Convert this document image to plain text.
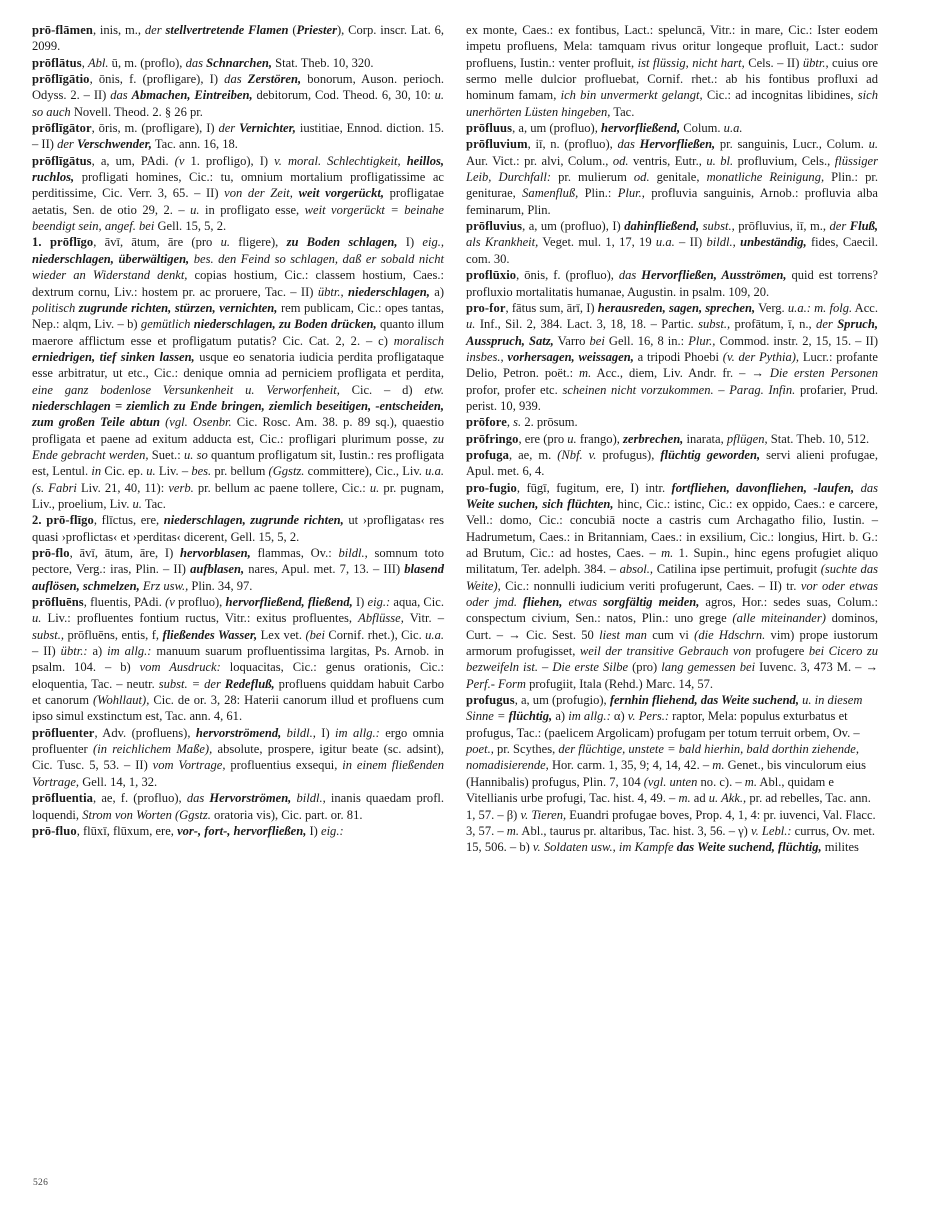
prō-flāmen, inis, m., der stellvertretende Flamen (Priester), Corp. inscr. Lat. 6, 2099.

prōflātus, Abl. ū, m. (proflo), das Schnarchen, Stat. Theb. 10, 320.

prōflīgātio, ōnis, f. (profligare), I) das Zerstören, bonorum, Auson. perioch. Odyss. 2. – II) das Abmachen, Eintreiben, debitorum, Cod. Theod. 6, 30, 10: u. so auch Novell. Theod. 2. § 26 pr.

prōflīgātor, ōris, m. (profligare), I) der Vernichter, iustitiae, Ennod. diction. 15. – II) der Verschwender, Tac. ann. 16, 18.

prōflīgātus, a, um, PAdi. (v 1. profligo), I) v. moral. Schlechtigkeit, heillos, ruchlos, profligati homines, Cic.: tu, omnium mortalium profligatissime ac perditissime, Cic. Verr. 3, 65. – II) von der Zeit, weit vorgerückt, profligatae aetatis, Sen. de otio 29, 2. – u. in profligato esse, weit vorgerückt = beinahe beendigt sein, angef. bei Gell. 15, 5, 2.

1. prōflīgo, āvī, ātum, āre (pro u. fligere), zu Boden schlagen, I) eig., niederschlagen, überwältigen, bes. den Feind so schlagen, daß er sobald nicht wieder an Widerstand denkt, copias hostium, Cic.: classem hostium, Caes.: dextrum cornu, Liv.: hostem pr. ac proruere, Tac. – II) übtr., niederschlagen, a) politisch zugrunde richten, stürzen, vernichten, rem publicam, Cic.: opes tantas, Nep.: alqm, Liv. – b) gemütlich niederschlagen, zu Boden drücken, quanto illum maerore afflictum esse et profligatum putatis? Cic. Cat. 2, 2. – c) moralisch erniedrigen, tief sinken lassen, usque eo senatoria iudicia perdita profligataque esse arbitratur, ut etc., Cic.: denique omnia ad perniciem profligata et perdita, eine ganz bodenlose Versunkenheit u. Verworfenheit, Cic. – d) etw. niederschlagen = ziemlich zu Ende bringen, ziemlich beseitigen, -entscheiden, zum großen Teile abtun (vgl. Osenbr. Cic. Rosc. Am. 38. p. 89 sq.), quaestio profligata et paene ad exitum adducta est, Cic.: profligari plurimum posse, zu Ende gebracht werden, Suet.: u. so quantum profligatum sit, Iustin.: res profligata est, Lentul. in Cic. ep. u. Liv. – bes. pr. bellum (Ggstz. committere), Cic., Liv. u.a. (s. Fabri Liv. 21, 40, 11): verb. pr. bellum ac paene tollere, Cic.: u. pr. pugnam, Liv., proelium, Liv. u. Tac.

2. prō-flīgo, flīctus, ere, niederschlagen, zugrunde richten, ut ›profligatas‹ res quasi ›proflictas‹ et ›perditas‹ dicerent, Gell. 15, 5, 2.

prō-flo, āvī, ātum, āre, I) hervorblasen, flammas, Ov.: bildl., somnum toto pectore, Verg.: iras, Plin. – II) aufblasen, nares, Apul. met. 7, 13. – III) blasend auflösen, schmelzen, Erz usw., Plin. 34, 97.

prōfluēns, fluentis, PAdi. (v profluo), hervorfließend, fließend, I) eig.: aqua, Cic. u. Liv.: profluentes fontium ructus, Vitr.: exitus profluentes, Abflüsse, Vitr. – subst., prōfluēns, entis, f, fließendes Wasser, Lex vet. (bei Cornif. rhet.), Cic. u.a. – II) übtr.: a) im allg.: manuum suarum profluentissima largitas, Ps. Arnob. in psalm. 104. – b) vom Ausdruck: loquacitas, Cic.: genus orationis, Cic.: eloquentia, Tac. – neutr. subst. = der Redefluß, profluens quiddam habuit Carbo et canorum (Wohllaut), Cic. de or. 3, 28: Haterii canorum illud et profluens cum ipso simul exstinctum est, Tac. ann. 4, 61.

prōfluenter, Adv. (profluens), hervorströmend, bildl., I) im allg.: ergo omnia profluenter (in reichlichem Maße), absolute, prospere, igitur beate (sc. adsint), Cic. Tusc. 5, 53. – II) vom Vortrage, profluentius exsequi, in einem fließenden Vortrage, Gell. 14, 1, 32.

prōfluentia, ae, f. (profluo), das Hervorströmen, bildl., inanis quaedam profl. loquendi, Strom von Worten (Ggstz. oratoria vis), Cic. part. or. 81.

prō-fluo, flūxī, flūxum, ere, vor-, fort-, hervorfließen, I) eig.:

ex monte, Caes.: ex fontibus, Lact.: speluncā, Vitr.: in mare, Cic.: Ister eodem impetu profluens, Mela: tamquam rivus oritur longeque profluit, Lact.: sudor profluens, Iustin.: venter profluit, ist flüssig, nicht hart, Cels. – II) übtr., cuius ore sermo melle dulcior profluebat, Cornif. rhet.: ab his fontibus profluxi ad hominum famam, ich bin unvermerkt gelangt, Cic.: ad incognitas libidines, sich unerhörten Lüsten hingeben, Tac.

prōfluus, a, um (profluo), hervorfließend, Colum. u.a.

prōfluvium, iī, n. (profluo), das Hervorfließen, pr. sanguinis, Lucr., Colum. u. Aur. Vict.: pr. alvi, Colum., od. ventris, Eutr., u. bl. profluvium, Cels., flüssiger Leib, Durchfall: pr. mulierum od. genitale, monatliche Reinigung, Plin.: pr. geniturae, Samenfluß, Plin.: Plur., profluvia sanguinis, Arnob.: profluvia alba feminarum, Plin.

prōfluvius, a, um (profluo), I) dahinfließend, subst., prōfluvius, iī, m., der Fluß, als Krankheit, Veget. mul. 1, 17, 19 u.a. – II) bildl., unbeständig, fides, Caecil. com. 30.

proflūxio, ōnis, f. (profluo), das Hervorfließen, Ausströmen, quid est torrens? profluxio mortalitatis humanae, Augustin. in psalm. 109, 20.

pro-for, fātus sum, ārī, I) herausreden, sagen, sprechen, Verg. u.a.: m. folg. Acc. u. Inf., Sil. 2, 384. Lact. 3, 18, 18. – Partic. subst., profātum, ī, n., der Spruch, Ausspruch, Satz, Varro bei Gell. 16, 8 in.: Plur., Commod. instr. 2, 15, 15. – II) insbes., vorhersagen, weissagen, a tripodi Phoebi (v. der Pythia), Lucr.: profante Delio, Petron. poët.: m. Acc., diem, Liv. Andr. fr. – → Die ersten Personen profor, profer etc. scheinen nicht vorzukommen. – Parag. Infin. profarier, Prud. perist. 10, 939.

prōfore, s. 2. prōsum.

prōfringo, ere (pro u. frango), zerbrechen, inarata, pflügen, Stat. Theb. 10, 512.

profuga, ae, m. (Nbf. v. profugus), flüchtig geworden, servi alieni profugae, Apul. met. 6, 4.

pro-fugio, fūgī, fugitum, ere, I) intr. fortfliehen, davonfliehen, -laufen, das Weite suchen, sich flüchten, hinc, Cic.: istinc, Cic.: ex oppido, Caes.: e carcere, Vell.: domo, Cic.: concubiā nocte a castris cum Archagatho filio, Iustin. – Hadrumetum, Caes.: in Britanniam, Caes.: in exsilium, Cic.: longius, Hirt. b. G.: ad Brutum, Cic.: ad hostes, Caes. – m. 1. Supin., hinc egens profugiet aliquo militatum, Ter. adelph. 384. – absol., Catilina ipse pertimuit, profugit (suchte das Weite), Cic.: nonnulli iudicium veriti profugerunt, Caes. – II) tr. vor oder etwas oder jmd. fliehen, etwas sorgfältig meiden, agros, Hor.: sedes suas, Colum.: conspectum civium, Sen.: natos, Plin.: uno grege (alle miteinander) dominos, Curt. – → Cic. Sest. 50 liest man cum vi (die Hdschrn. vim) prope iustorum armorum profugisset, weil der transitive Gebrauch von profugere bei Cicero zu bezweifeln ist. – Die erste Silbe (pro) lang gemessen bei Iuvenc. 3, 473 M. – → Perf.- Form profugiit, Itala (Rehd.) Marc. 14, 57.

profugus, a, um (profugio), fernhin fliehend, das Weite suchend, u. in diesem Sinne = flüchtig, a) im allg.: α) v. Pers.: raptor, Mela: populus exturbatus et profugus, Tac.: (paelicem Argolicam) profugam per totum terruit orbem, Ov. – poet., pr. Scythes, der flüchtige, unstete = bald hierhin, bald dorthin ziehende, nomadisierende, Hor. carm. 1, 35, 9; 4, 14, 42. – m. Genet., bis vinculorum eius (Hannibalis) profugus, Plin. 7, 104 (vgl. unten no. c). – m. Abl., quidam e Vitellianis urbe profugi, Tac. hist. 4, 49. – m. ad u. Akk., pr. ad rebelles, Tac. ann. 1, 57. – β) v. Tieren, Euandri profugae boves, Prop. 4, 1, 4: pr. iuvenci, Val. Flacc. 3, 57. – m. Abl., taurus pr. altaribus, Tac. hist. 3, 56. – γ) v. Lebl.: currus, Ov. met. 15, 506. – b) v. Soldaten usw., im Kampfe das Weite suchend, flüchtig, milites

526
